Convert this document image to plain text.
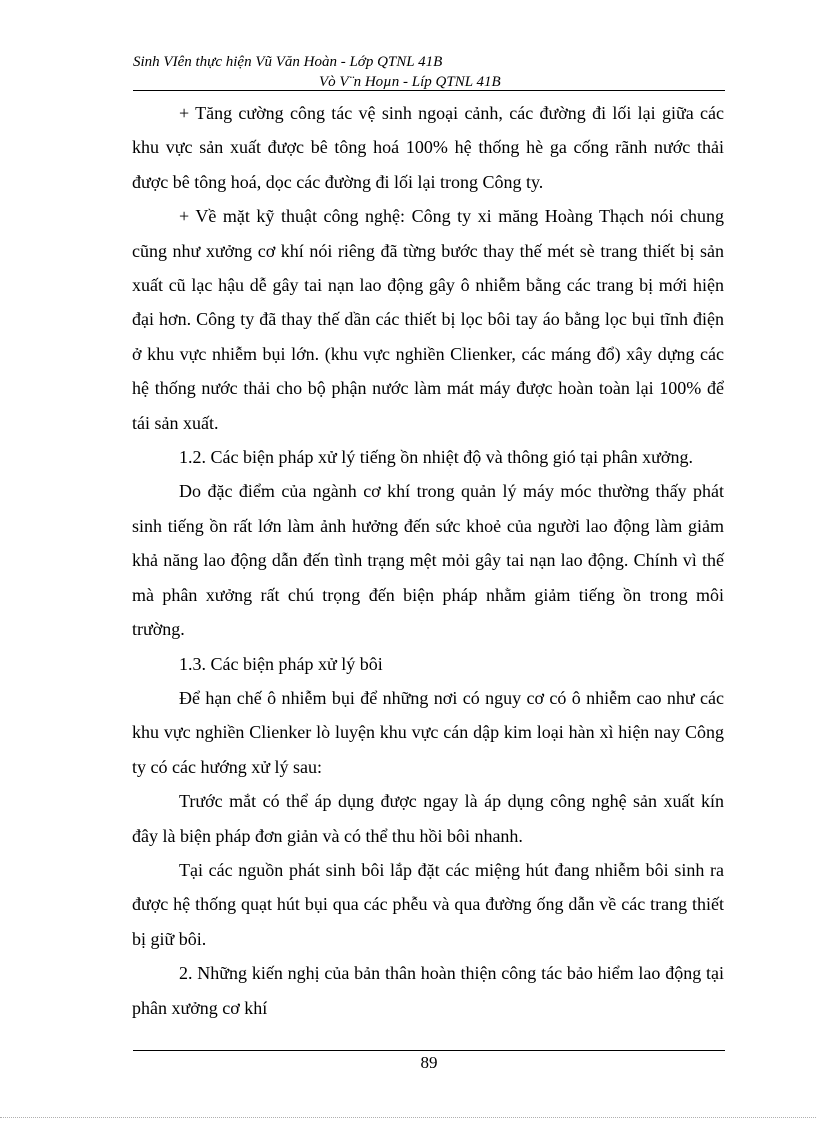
Sinh VIên thực hiện Vũ Văn Hoàn - Lớp QTNL 41B
Vò V¨n Hoµn - Líp QTNL 41B

+ Tăng cường công tác vệ sinh ngoại cảnh, các đường đi lối lại giữa các khu vực sản xuất được bê tông hoá 100% hệ thống hè ga cống rãnh nước thải được bê tông hoá, dọc các đường đi lối lại trong Công ty.

+ Về mặt kỹ thuật công nghệ: Công ty xi măng Hoàng Thạch nói chung cũng như xưởng cơ khí nói riêng đã từng bước thay thế mét sè trang thiết bị sản xuất cũ lạc hậu dễ gây tai nạn lao động gây ô nhiễm bằng các trang bị mới hiện đại hơn. Công ty đã thay thế dần các thiết bị lọc bôi tay áo bằng lọc bụi tĩnh điện ở khu vực nhiễm bụi lớn. (khu vực nghiền Clienker, các máng đổ) xây dựng các hệ thống nước thải cho bộ phận nước làm mát máy được hoàn toàn lại 100% để tái sản xuất.

1.2. Các biện pháp xử lý tiếng ồn nhiệt độ và thông gió tại phân xưởng.

Do đặc điểm của ngành cơ khí trong quản lý máy móc thường thấy phát sinh tiếng ồn rất lớn làm ảnh hưởng đến sức khoẻ của người lao động làm giảm khả năng lao động dẫn đến tình trạng mệt mỏi gây tai nạn lao động. Chính vì thế mà phân xưởng rất chú trọng đến biện pháp nhằm giảm tiếng ồn trong môi trường.

1.3. Các biện pháp xử lý bôi

Để hạn chế ô nhiễm bụi để những nơi có nguy cơ có ô nhiễm cao như các khu vực nghiền Clienker lò luyện khu vực cán dập kim loại hàn xì hiện nay Công ty có các hướng xử lý sau:

Trước mắt có thể áp dụng được ngay là áp dụng công nghệ sản xuất kín đây là biện pháp đơn giản và có thể thu hồi bôi nhanh.

Tại các nguồn phát sinh bôi lắp đặt các miệng hút đang nhiễm bôi sinh ra được hệ thống quạt hút bụi qua các phễu và qua đường ống dẫn về các trang thiết bị giữ bôi.

2. Những kiến nghị của bản thân hoàn thiện công tác bảo hiểm lao động tại phân xưởng cơ khí

89
